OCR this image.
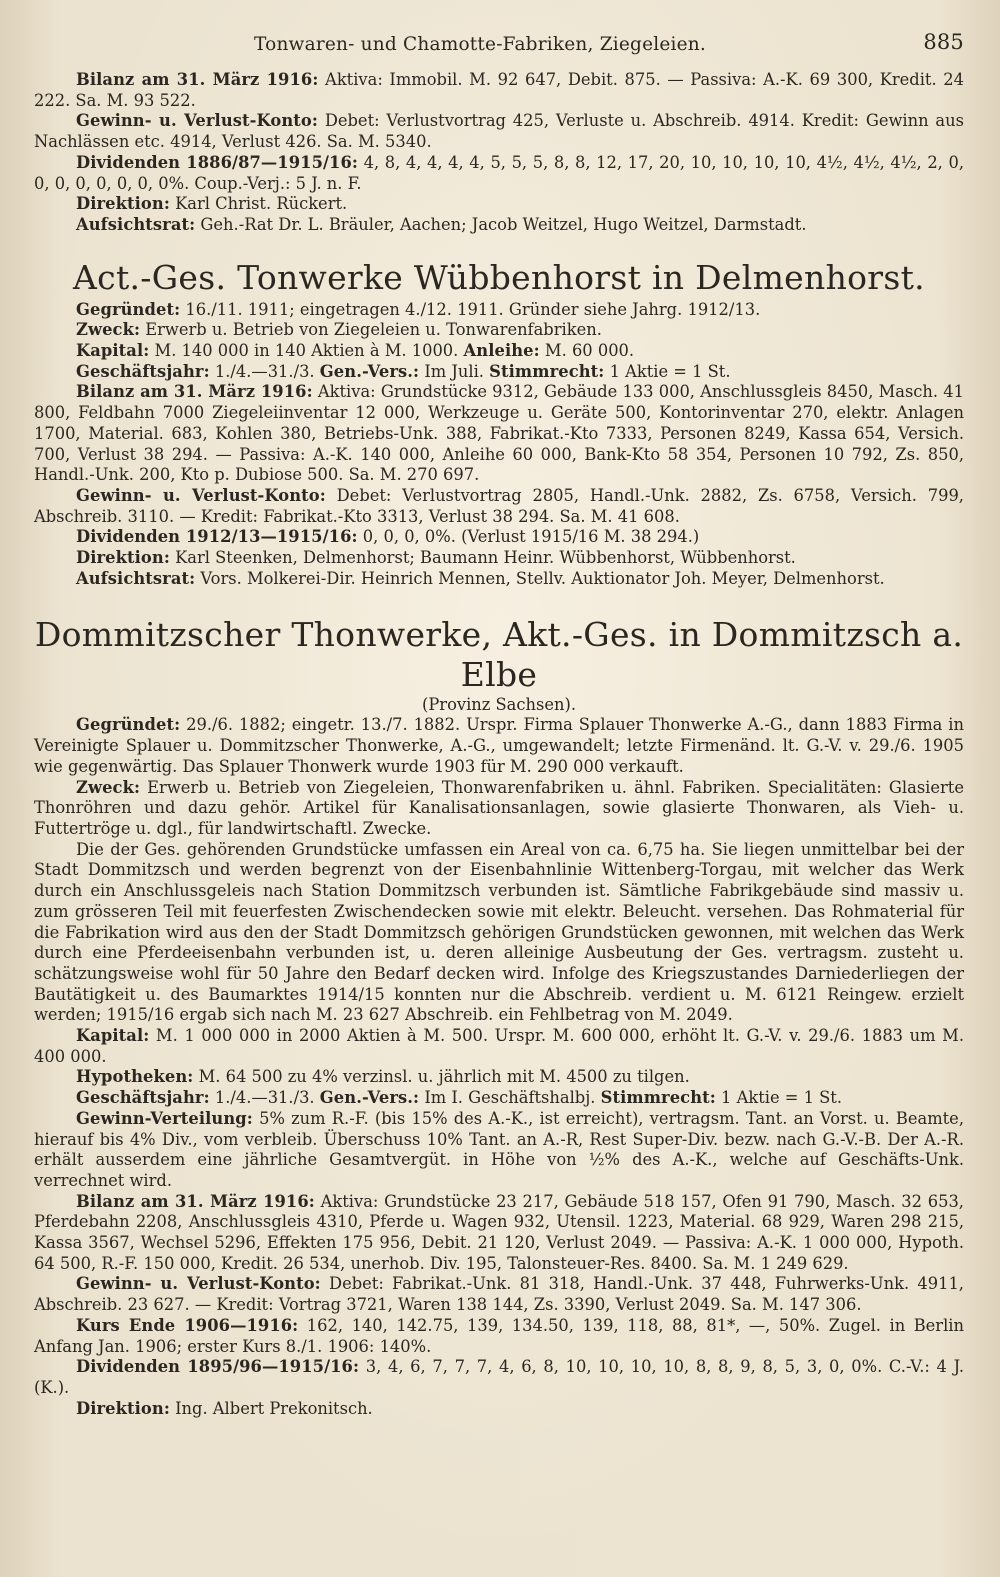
Tonwaren- und Chamotte-Fabriken, Ziegeleien.	885

Bilanz am 31. März 1916: Aktiva: Immobil. M. 92 647, Debit. 875. — Passiva: A.-K. 69 300, Kredit. 24 222. Sa. M. 93 522.

Gewinn- u. Verlust-Konto: Debet: Verlustvortrag 425, Verluste u. Abschreib. 4914. Kredit: Gewinn aus Nachlässen etc. 4914, Verlust 426. Sa. M. 5340.

Dividenden 1886/87—1915/16: 4, 8, 4, 4, 4, 4, 5, 5, 5, 8, 8, 12, 17, 20, 10, 10, 10, 10, 4½, 4½, 4½, 2, 0, 0, 0, 0, 0, 0, 0, 0%. Coup.-Verj.: 5 J. n. F.

Direktion: Karl Christ. Rückert.

Aufsichtsrat: Geh.-Rat Dr. L. Bräuler, Aachen; Jacob Weitzel, Hugo Weitzel, Darmstadt.

Act.-Ges. Tonwerke Wübbenhorst in Delmenhorst.

Gegründet: 16./11. 1911; eingetragen 4./12. 1911. Gründer siehe Jahrg. 1912/13.

Zweck: Erwerb u. Betrieb von Ziegeleien u. Tonwarenfabriken.

Kapital: M. 140 000 in 140 Aktien à M. 1000. Anleihe: M. 60 000.

Geschäftsjahr: 1./4.—31./3. Gen.-Vers.: Im Juli. Stimmrecht: 1 Aktie = 1 St.

Bilanz am 31. März 1916: Aktiva: Grundstücke 9312, Gebäude 133 000, Anschlussgleis 8450, Masch. 41 800, Feldbahn 7000 Ziegeleiinventar 12 000, Werkzeuge u. Geräte 500, Kontorinventar 270, elektr. Anlagen 1700, Material. 683, Kohlen 380, Betriebs-Unk. 388, Fabrikat.-Kto 7333, Personen 8249, Kassa 654, Versich. 700, Verlust 38 294. — Passiva: A.-K. 140 000, Anleihe 60 000, Bank-Kto 58 354, Personen 10 792, Zs. 850, Handl.-Unk. 200, Kto p. Dubiose 500. Sa. M. 270 697.

Gewinn- u. Verlust-Konto: Debet: Verlustvortrag 2805, Handl.-Unk. 2882, Zs. 6758, Versich. 799, Abschreib. 3110. — Kredit: Fabrikat.-Kto 3313, Verlust 38 294. Sa. M. 41 608.

Dividenden 1912/13—1915/16: 0, 0, 0, 0%. (Verlust 1915/16 M. 38 294.)

Direktion: Karl Steenken, Delmenhorst; Baumann Heinr. Wübbenhorst, Wübbenhorst.

Aufsichtsrat: Vors. Molkerei-Dir. Heinrich Mennen, Stellv. Auktionator Joh. Meyer, Delmenhorst.

Dommitzscher Thonwerke, Akt.-Ges. in Dommitzsch a. Elbe
(Provinz Sachsen).

Gegründet: 29./6. 1882; eingetr. 13./7. 1882. Urspr. Firma Splauer Thonwerke A.-G., dann 1883 Firma in Vereinigte Splauer u. Dommitzscher Thonwerke, A.-G., umgewandelt; letzte Firmenänd. lt. G.-V. v. 29./6. 1905 wie gegenwärtig. Das Splauer Thonwerk wurde 1903 für M. 290 000 verkauft.

Zweck: Erwerb u. Betrieb von Ziegeleien, Thonwarenfabriken u. ähnl. Fabriken. Specialitäten: Glasierte Thonröhren und dazu gehör. Artikel für Kanalisationsanlagen, sowie glasierte Thonwaren, als Vieh- u. Futtertröge u. dgl., für landwirtschaftl. Zwecke.

Die der Ges. gehörenden Grundstücke umfassen ein Areal von ca. 6,75 ha. Sie liegen unmittelbar bei der Stadt Dommitzsch und werden begrenzt von der Eisenbahnlinie Wittenberg-Torgau, mit welcher das Werk durch ein Anschlussgeleis nach Station Dommitzsch verbunden ist. Sämtliche Fabrikgebäude sind massiv u. zum grösseren Teil mit feuerfesten Zwischendecken sowie mit elektr. Beleucht. versehen. Das Rohmaterial für die Fabrikation wird aus den der Stadt Dommitzsch gehörigen Grundstücken gewonnen, mit welchen das Werk durch eine Pferdeeisenbahn verbunden ist, u. deren alleinige Ausbeutung der Ges. vertragsm. zusteht u. schätzungsweise wohl für 50 Jahre den Bedarf decken wird. Infolge des Kriegszustandes Darniederliegen der Bautätigkeit u. des Baumarktes 1914/15 konnten nur die Abschreib. verdient u. M. 6121 Reingew. erzielt werden; 1915/16 ergab sich nach M. 23 627 Abschreib. ein Fehlbetrag von M. 2049.

Kapital: M. 1 000 000 in 2000 Aktien à M. 500. Urspr. M. 600 000, erhöht lt. G.-V. v. 29./6. 1883 um M. 400 000.

Hypotheken: M. 64 500 zu 4% verzinsl. u. jährlich mit M. 4500 zu tilgen.

Geschäftsjahr: 1./4.—31./3. Gen.-Vers.: Im I. Geschäftshalbj. Stimmrecht: 1 Aktie = 1 St.

Gewinn-Verteilung: 5% zum R.-F. (bis 15% des A.-K., ist erreicht), vertragsm. Tant. an Vorst. u. Beamte, hierauf bis 4% Div., vom verbleib. Überschuss 10% Tant. an A.-R, Rest Super-Div. bezw. nach G.-V.-B. Der A.-R. erhält ausserdem eine jährliche Gesamtvergüt. in Höhe von ½% des A.-K., welche auf Geschäfts-Unk. verrechnet wird.

Bilanz am 31. März 1916: Aktiva: Grundstücke 23 217, Gebäude 518 157, Ofen 91 790, Masch. 32 653, Pferdebahn 2208, Anschlussgleis 4310, Pferde u. Wagen 932, Utensil. 1223, Material. 68 929, Waren 298 215, Kassa 3567, Wechsel 5296, Effekten 175 956, Debit. 21 120, Verlust 2049. — Passiva: A.-K. 1 000 000, Hypoth. 64 500, R.-F. 150 000, Kredit. 26 534, unerhob. Div. 195, Talonsteuer-Res. 8400. Sa. M. 1 249 629.

Gewinn- u. Verlust-Konto: Debet: Fabrikat.-Unk. 81 318, Handl.-Unk. 37 448, Fuhrwerks-Unk. 4911, Abschreib. 23 627. — Kredit: Vortrag 3721, Waren 138 144, Zs. 3390, Verlust 2049. Sa. M. 147 306.

Kurs Ende 1906—1916: 162, 140, 142.75, 139, 134.50, 139, 118, 88, 81*, —, 50%. Zugel. in Berlin Anfang Jan. 1906; erster Kurs 8./1. 1906: 140%.

Dividenden 1895/96—1915/16: 3, 4, 6, 7, 7, 7, 4, 6, 8, 10, 10, 10, 10, 8, 8, 9, 8, 5, 3, 0, 0%. C.-V.: 4 J. (K.).

Direktion: Ing. Albert Prekonitsch.
